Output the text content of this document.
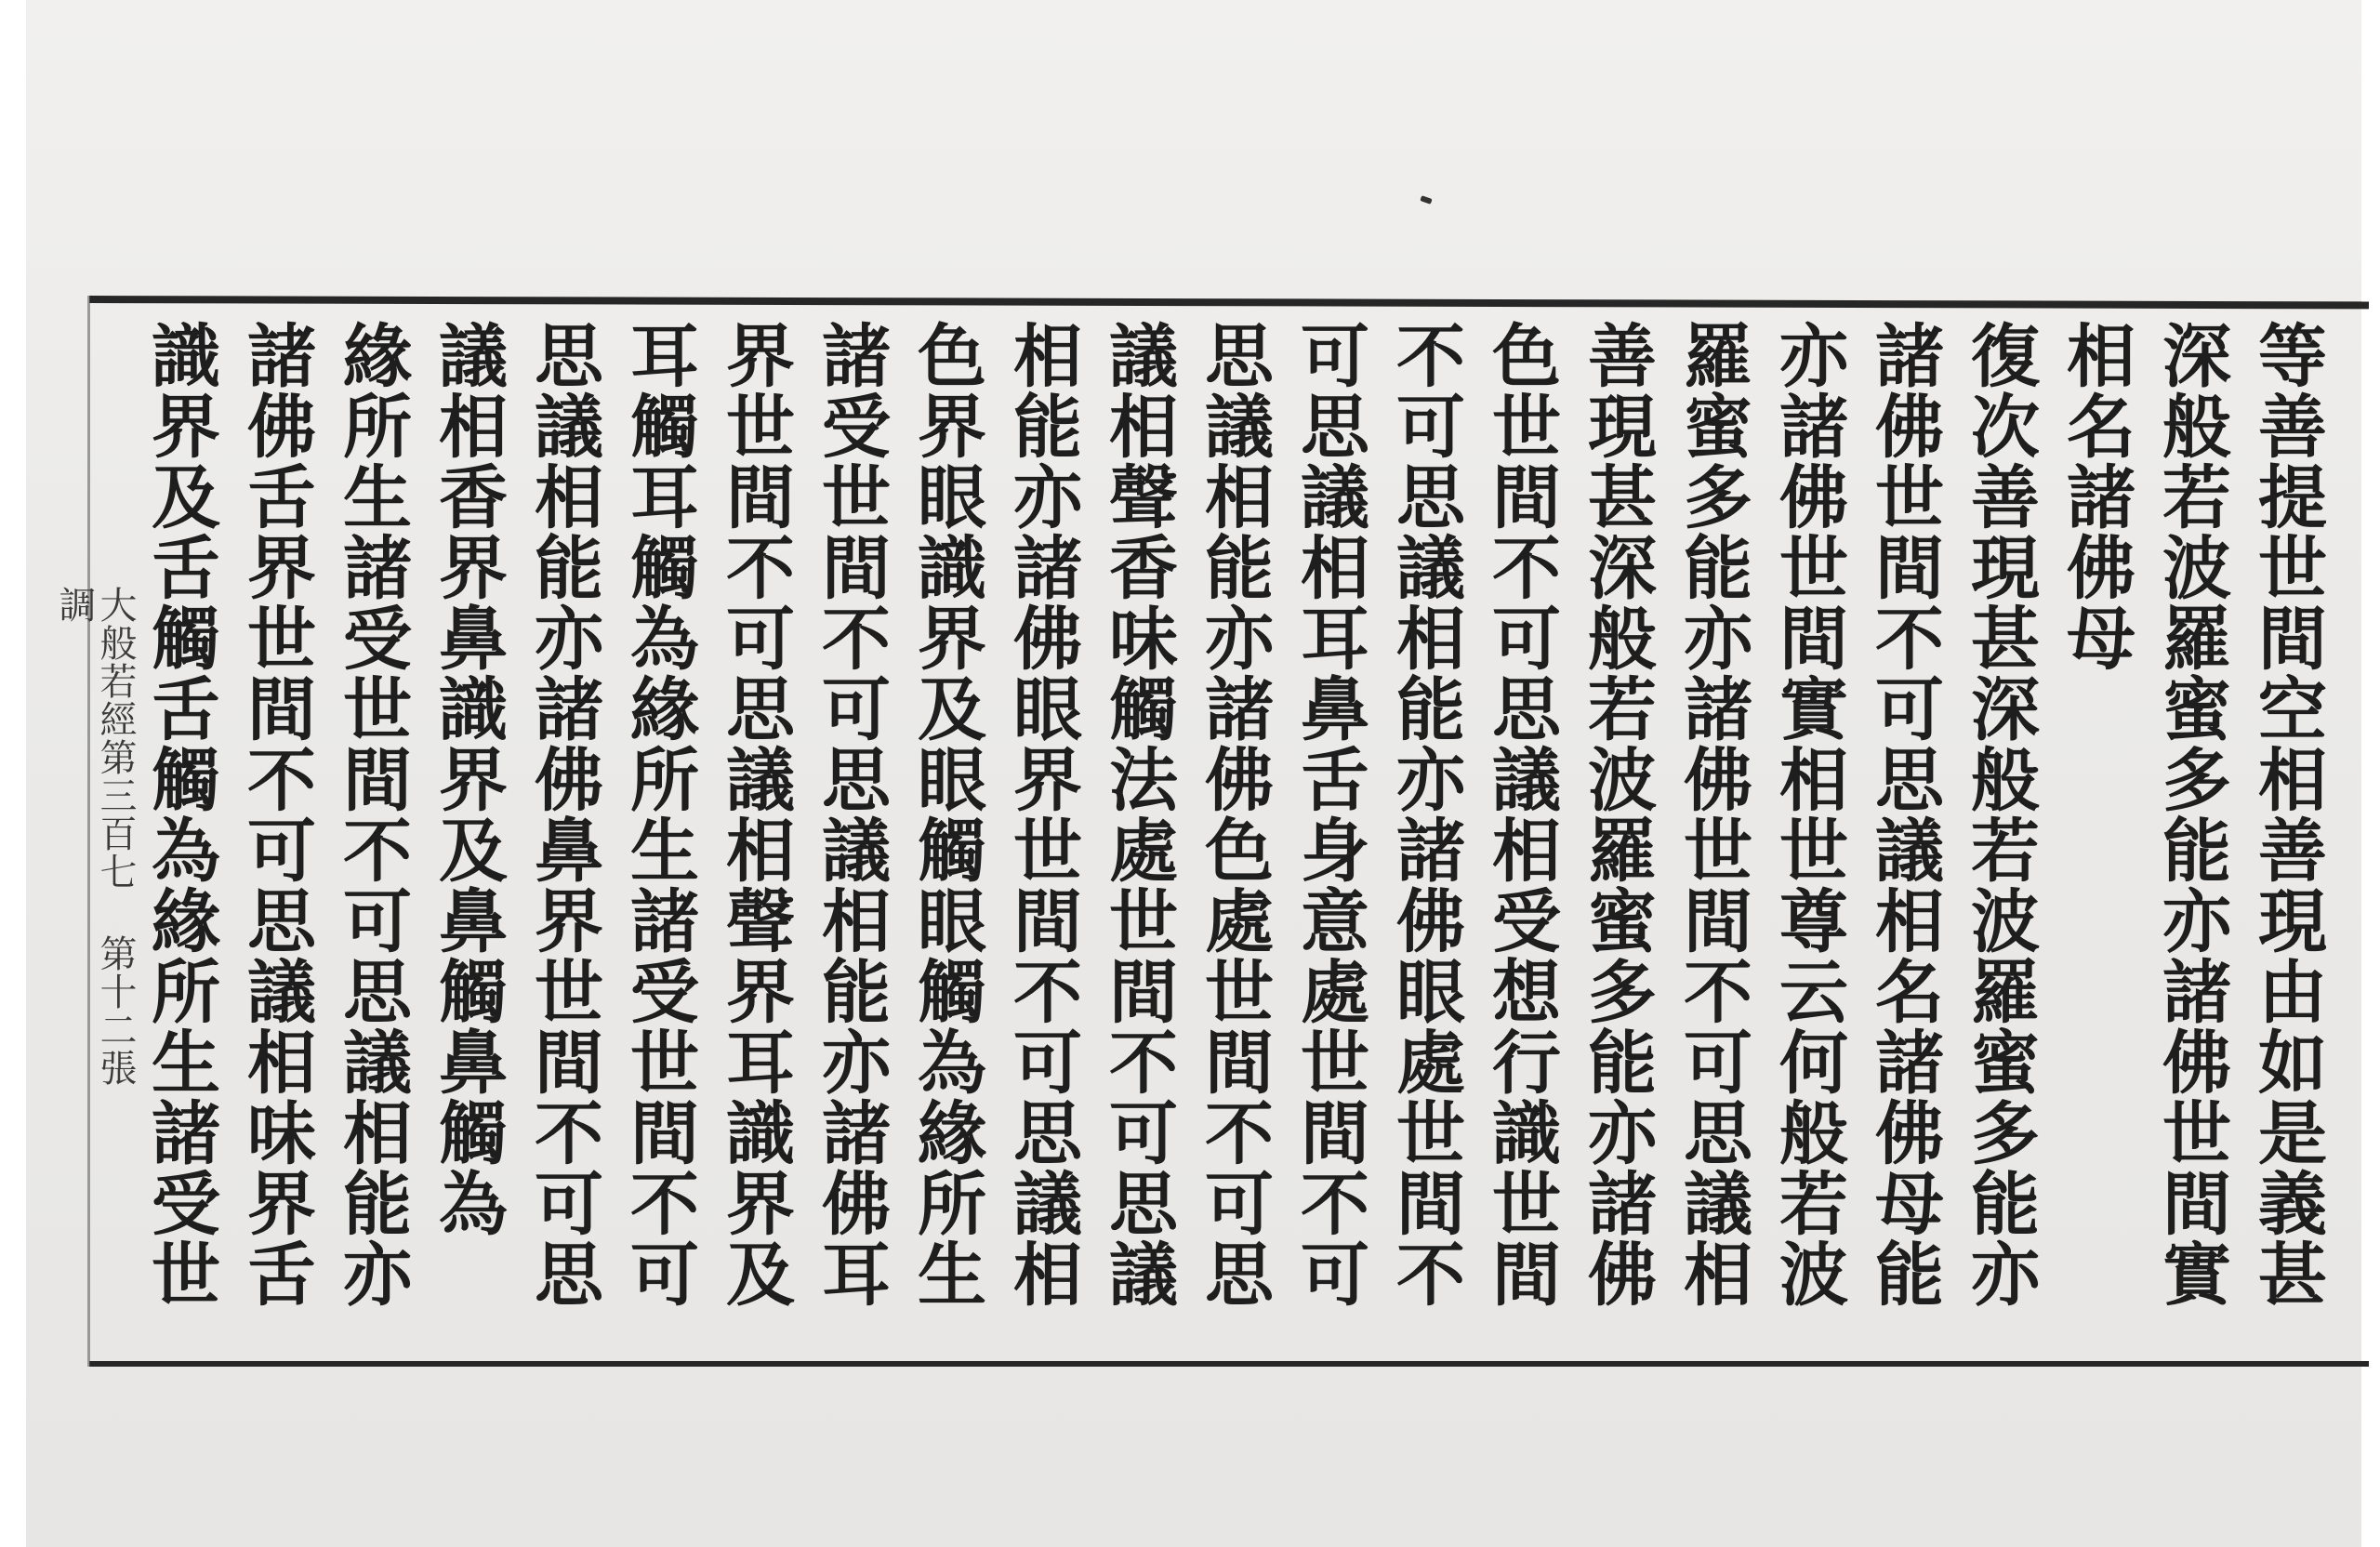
等善提世間空相善現由如是義甚
深般若波羅蜜多能亦諸佛世間實
相名諸佛母
復次善現甚深般若波羅蜜多能亦
諸佛世間不可思議相名諸佛母能
亦諸佛世間實相世尊云何般若波
羅蜜多能亦諸佛世間不可思議相
善現甚深般若波羅蜜多能亦諸佛
色世間不可思議相受想行識世間
不可思議相能亦諸佛眼處世間不
可思議相耳鼻舌身意處世間不可
思議相能亦諸佛色處世間不可思
議相聲香味觸法處世間不可思議
相能亦諸佛眼界世間不可思議相
色界眼識界及眼觸眼觸為緣所生
諸受世間不可思議相能亦諸佛耳
界世間不可思議相聲界耳識界及
耳觸耳觸為緣所生諸受世間不可
思議相能亦諸佛鼻界世間不可思
議相香界鼻識界及鼻觸鼻觸為
緣所生諸受世間不可思議相能亦
諸佛舌界世間不可思議相味界舌
識界及舌觸舌觸為緣所生諸受世
大般若經第三百七 第十二張 調
